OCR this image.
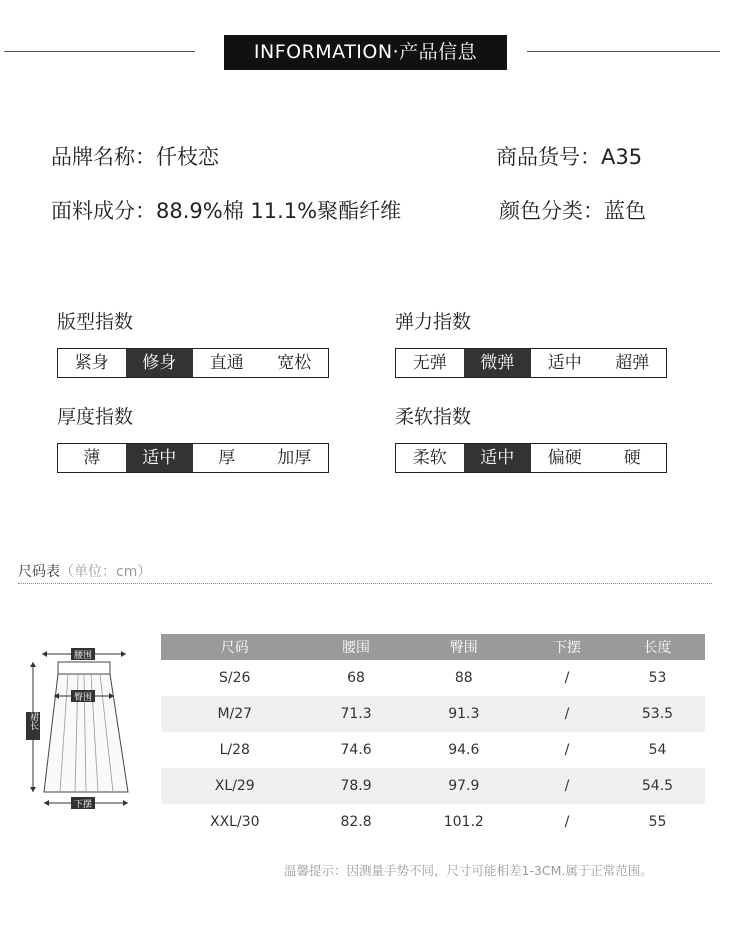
INFORMATION·产品信息
品牌名称：仟枝恋	商品货号：A35
面料成分：88.9%棉 11.1%聚酯纤维	颜色分类：蓝色
版型指数
紧身	修身	直通	宽松
弹力指数
无弹	微弹	适中	超弹
厚度指数
薄	适中	厚	加厚
柔软指数
柔软	适中	偏硬	硬
尺码表（单位：cm）
腰围
臀围
裙长
下摆
尺码	腰围	臀围	下摆	长度
S/26	68	88	/	53
M/27	71.3	91.3	/	53.5
L/28	74.6	94.6	/	54
XL/29	78.9	97.9	/	54.5
XXL/30	82.8	101.2	/	55
温馨提示：因测量手势不同，尺寸可能相差1-3CM.属于正常范围。
